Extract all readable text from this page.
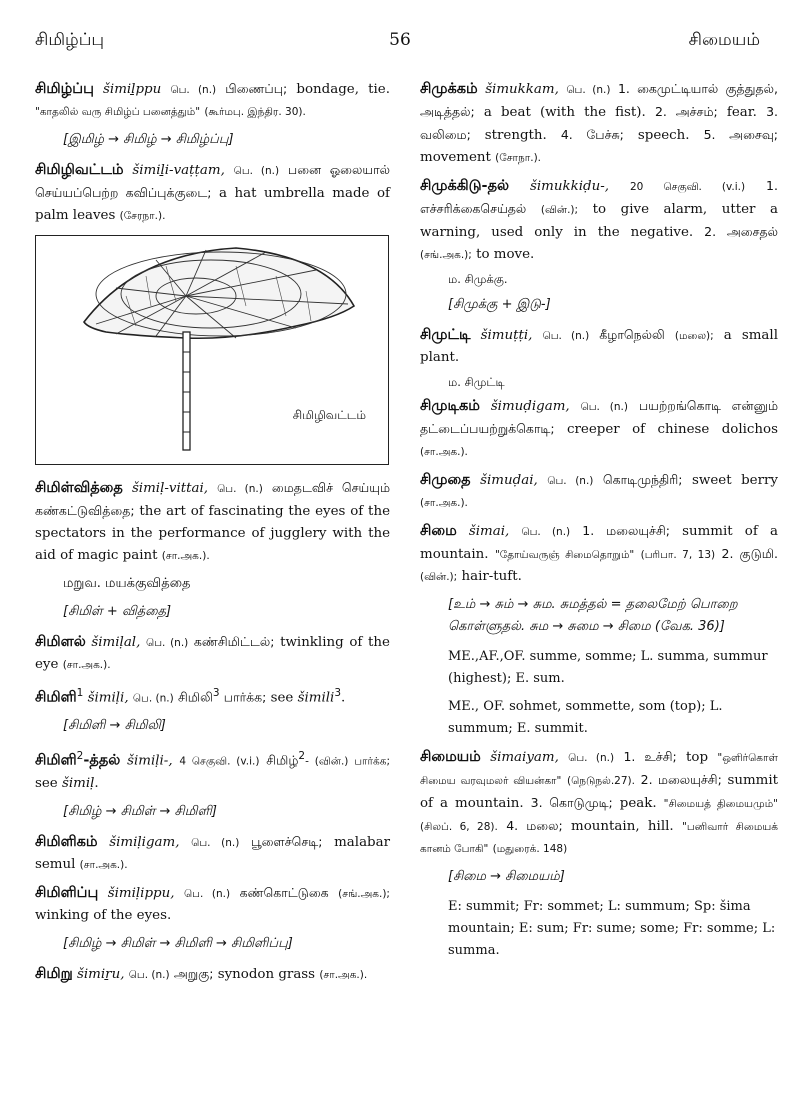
சிமிழ்ப்பு	56	சிமையம்
சிமிழ்ப்பு šimiḻppu பெ. (n.) பிணைப்பு; bondage, tie. "காதலில் வரு சிமிழ்ப் பனைத்தும்" (கூர்மபு. இந்திர. 30).
[இமிழ் → சிமிழ் → சிமிழ்ப்பு]
சிமிழிவட்டம் šimiḻi-vaṭṭam, பெ. (n.) பனை ஓலையால் செய்யப்பெற்ற கவிப்புக்குடை; a hat umbrella made of palm leaves (சேரநா.).
சிமிழிவட்டம்
சிமிள்வித்தை šimiḷ-vittai, பெ. (n.) மைதடவிச் செய்யும் கண்கட்டுவித்தை; the art of fascinating the eyes of the spectators in the performance of jugglery with the aid of magic paint (சா.அக.).
மறுவ. மயக்குவித்தை
[சிமிள் + வித்தை]
சிமிளல் šimiḷal, பெ. (n.) கண்சிமிட்டல்; twinkling of the eye (சா.அக.).
சிமிளி$^1$ šimiḷi, பெ. (n.) சிமிலி$^3$ பார்க்க; see šimili$^3$.
[சிமிளி → சிமிலி]
சிமிளி$^2$-த்தல் šimiḷi-, 4 செகுவி. (v.i.) சிமிழ்$^2$- (வின்.) பார்க்க; see šimiḷ.
[சிமிழ் → சிமிள் → சிமிளி]
சிமிளிகம் šimiḷigam, பெ. (n.) பூளைச்செடி; malabar semul (சா.அக.).
சிமிளிப்பு šimiḷippu, பெ. (n.) கண்கொட்டுகை (சங்.அக.); winking of the eyes.
[சிமிழ் → சிமிள் → சிமிளி → சிமிளிப்பு]
சிமிறு šimiṟu, பெ. (n.) அறுகு; synodon grass (சா.அக.).
சிமுக்கம் šimukkam, பெ. (n.) 1. கைமுட்டியால் குத்துதல், அடித்தல்; a beat (with the fist). 2. அச்சம்; fear. 3. வலிமை; strength. 4. பேச்சு; speech. 5. அசைவு; movement (சோநா.).
சிமுக்கிடு-தல் šimukkiḍu-, 20 செகுவி. (v.i.) 1. எச்சரிக்கைசெய்தல் (வின்.); to give alarm, utter a warning, used only in the negative. 2. அசைதல் (சங்.அக.); to move.
ம. சிமுக்கு.
[சிமுக்கு + இடு-]
சிமுட்டி šimuṭṭi, பெ. (n.) கீழாநெல்லி (மலை); a small plant.
ம. சிமுட்டி
சிமுடிகம் šimuḍigam, பெ. (n.) பயற்றங்கொடி என்னும் தட்டைப்பயற்றுக்கொடி; creeper of chinese dolichos (சா.அக.).
சிமுதை šimuḍai, பெ. (n.) கொடிமுந்திரி; sweet berry (சா.அக.).
சிமை šimai, பெ. (n.) 1. மலையுச்சி; summit of a mountain. "தோய்வருஞ் சிமைதொறும்" (பரிபா. 7, 13) 2. குடுமி. (வின்.); hair-tuft.
[உம் → சும் → சும. சுமத்தல் = தலைமேற் பொறை கொள்ளுதல். சும → சுமை → சிமை (வேக. 36)]
ME.,AF.,OF. summe, somme; L. summa, summur (highest); E. sum.
ME., OF. sohmet, sommette, som (top); L. summum; E. summit.
சிமையம் šimaiyam, பெ. (n.) 1. உச்சி; top "ஒளிர்கொள் சிமைய வரவுமலர் வியன்கா" (நெடுநல்.27). 2. மலையுச்சி; summit of a mountain. 3. கொடுமுடி; peak. "சிமையத் திமையமும்" (சிலப். 6, 28). 4. மலை; mountain, hill. "பனிவார் சிமையக் கானம் போகி" (மதுரைக். 148)
[சிமை → சிமையம்]
E: summit; Fr: sommet; L: summum; Sp: šima mountain; E: sum; Fr: sume; some; Fr: somme; L: summa.
